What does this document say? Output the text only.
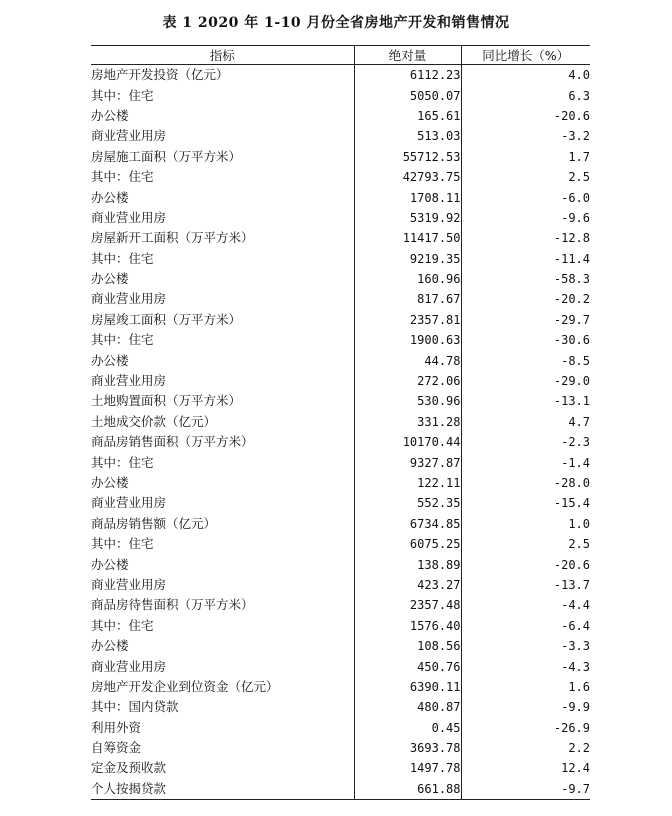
表 1 2020 年 1-10 月份全省房地产开发和销售情况
指标	绝对量	同比增长（%）
房地产开发投资（亿元）	6112.23	4.0
其中：住宅	5050.07	6.3
办公楼	165.61	-20.6
商业营业用房	513.03	-3.2
房屋施工面积（万平方米）	55712.53	1.7
其中：住宅	42793.75	2.5
办公楼	1708.11	-6.0
商业营业用房	5319.92	-9.6
房屋新开工面积（万平方米）	11417.50	-12.8
其中：住宅	9219.35	-11.4
办公楼	160.96	-58.3
商业营业用房	817.67	-20.2
房屋竣工面积（万平方米）	2357.81	-29.7
其中：住宅	1900.63	-30.6
办公楼	44.78	-8.5
商业营业用房	272.06	-29.0
土地购置面积（万平方米）	530.96	-13.1
土地成交价款（亿元）	331.28	4.7
商品房销售面积（万平方米）	10170.44	-2.3
其中：住宅	9327.87	-1.4
办公楼	122.11	-28.0
商业营业用房	552.35	-15.4
商品房销售额（亿元）	6734.85	1.0
其中：住宅	6075.25	2.5
办公楼	138.89	-20.6
商业营业用房	423.27	-13.7
商品房待售面积（万平方米）	2357.48	-4.4
其中：住宅	1576.40	-6.4
办公楼	108.56	-3.3
商业营业用房	450.76	-4.3
房地产开发企业到位资金（亿元）	6390.11	1.6
其中：国内贷款	480.87	-9.9
利用外资	0.45	-26.9
自筹资金	3693.78	2.2
定金及预收款	1497.78	12.4
个人按揭贷款	661.88	-9.7
